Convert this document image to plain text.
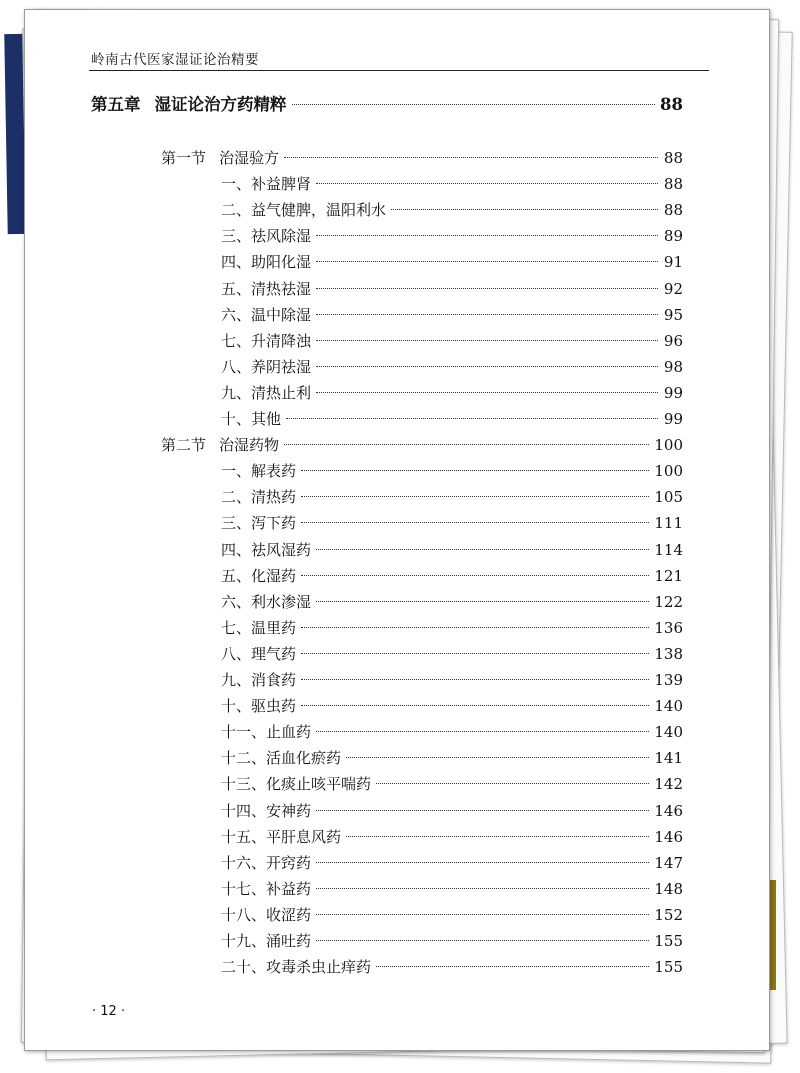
岭南古代医家湿证论治精要
第五章 湿证论治方药精粹	88
第一节 治湿验方	88
一、补益脾肾	88
二、益气健脾，温阳利水	88
三、祛风除湿	89
四、助阳化湿	91
五、清热祛湿	92
六、温中除湿	95
七、升清降浊	96
八、养阴祛湿	98
九、清热止利	99
十、其他	99
第二节 治湿药物	100
一、解表药	100
二、清热药	105
三、泻下药	111
四、祛风湿药	114
五、化湿药	121
六、利水渗湿	122
七、温里药	136
八、理气药	138
九、消食药	139
十、驱虫药	140
十一、止血药	140
十二、活血化瘀药	141
十三、化痰止咳平喘药	142
十四、安神药	146
十五、平肝息风药	146
十六、开窍药	147
十七、补益药	148
十八、收涩药	152
十九、涌吐药	155
二十、攻毒杀虫止痒药	155
· 12 ·
